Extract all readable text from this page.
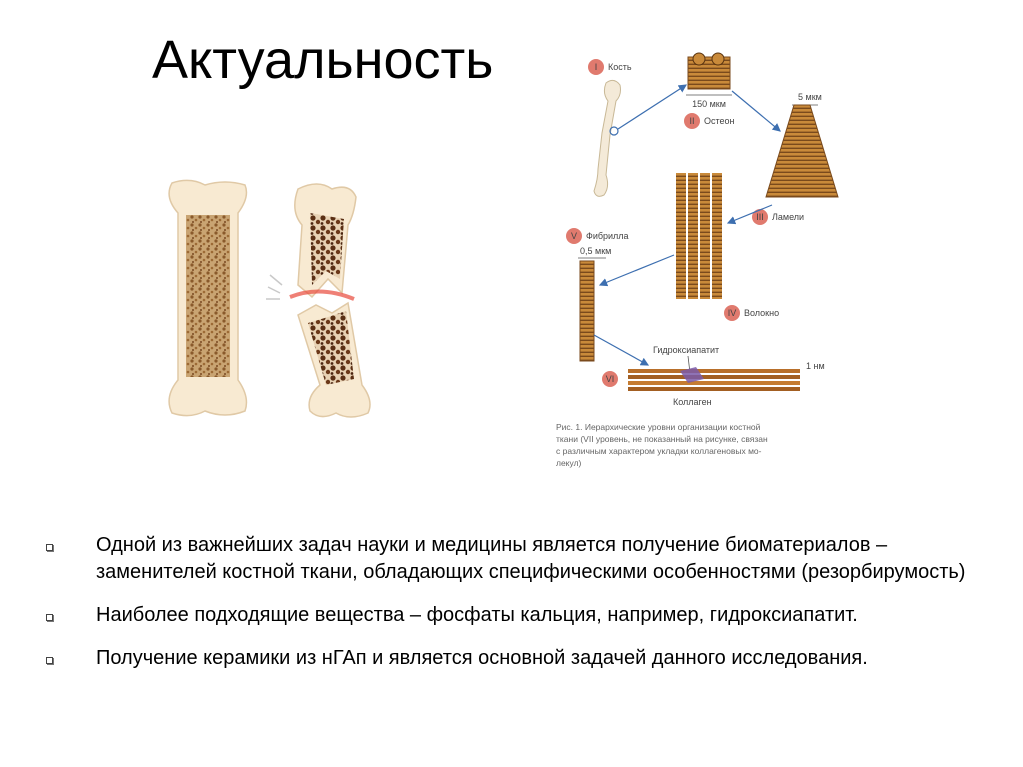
Актуальность	I Кость
150 мкм
II Остеон
5 мкм
III Ламели
IV Волокно
V Фибрилла
0,5 мкм
Гидроксиапатит
1 нм
VI
Коллаген
Рис. 1. Иерархические уровни организации костной
ткани (VII уровень, не показанный на рисунке, связан
с различным характером укладки коллагеновых мо-
лекул)
Одной из важнейших задач науки и медицины является получение биоматериалов – заменителей костной ткани, обладающих специфическими особенностями (резорбирумость)
Наиболее подходящие вещества – фосфаты кальция, например, гидроксиапатит.
Получение керамики из нГАп и является основной задачей данного исследования.
